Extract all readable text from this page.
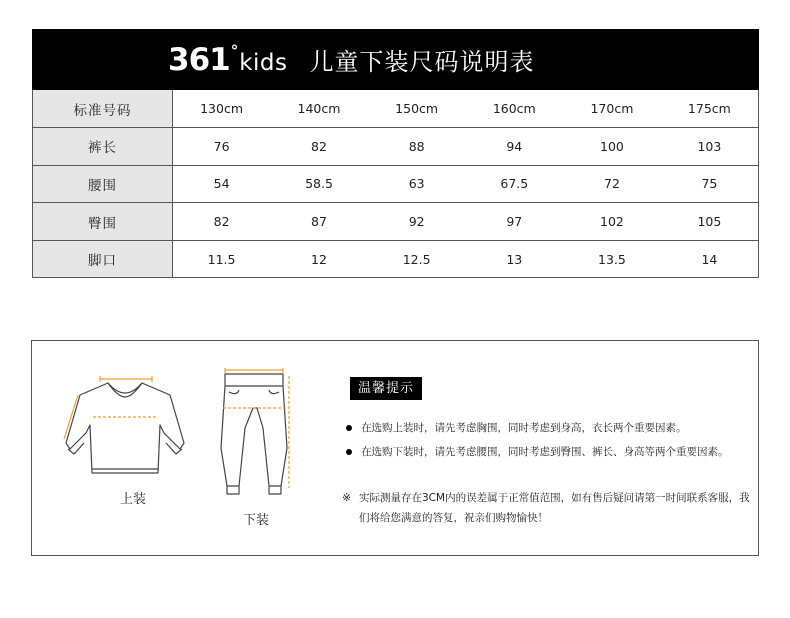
361 ° kids 儿童下装尺码说明表
标准号码	130cm	140cm	150cm	160cm	170cm	175cm
裤长	76	82	88	94	100	103
腰围	54	58.5	63	67.5	72	75
臀围	82	87	92	97	102	105
脚口	11.5	12	12.5	13	13.5	14
上装
下装
温馨提示
在选购上装时，请先考虑胸围，同时考虑到身高，衣长两个重要因素。
在选购下装时，请先考虑腰围，同时考虑到臀围、裤长、身高等两个重要因素。
※ 实际测量存在3CM内的误差属于正常值范围，如有售后疑问请第一时间联系客服，我们将给您满意的答复，祝亲们购物愉快！
